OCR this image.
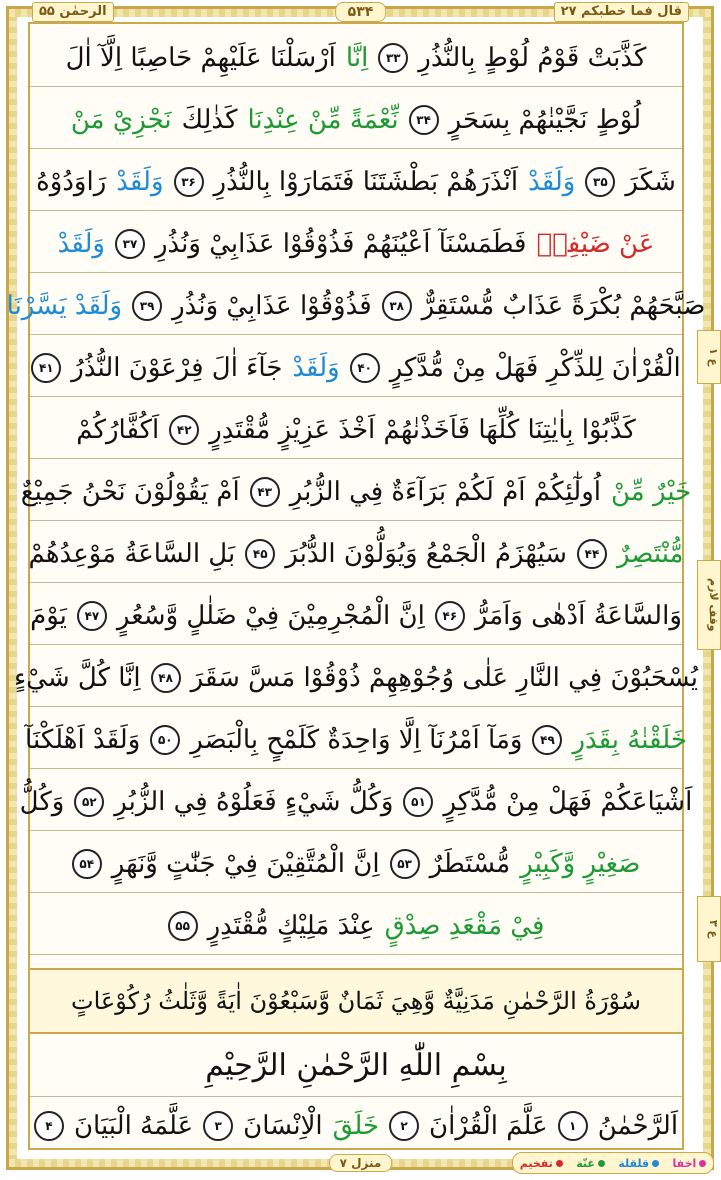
الرحمٰن ۵۵	۵۳۴	قال فما خطبكم ۲۷
كَذَّبَتْ قَوْمُ لُوْطٍ بِالنُّذُرِ
۳۳
اِنَّا
اَرْسَلْنَا عَلَيْهِمْ حَاصِبًا اِلَّآ اٰلَ
لُوْطٍ نَجَّيْنٰهُمْ بِسَحَرٍ
۳۴
نِّعْمَةً مِّنْ عِنْدِنَا
كَذٰلِكَ
نَجْزِيْ مَنْ
شَكَرَ
۳۵
وَلَقَدْ
اَنْذَرَهُمْ بَطْشَتَنَا فَتَمَارَوْا بِالنُّذُرِ
۳۶
وَلَقَدْ
رَاوَدُوْهُ
عَنْ ضَيْفِهٖ
فَطَمَسْنَآ اَعْيُنَهُمْ فَذُوْقُوْا عَذَابِيْ وَنُذُرِ
۳۷
وَلَقَدْ
صَبَّحَهُمْ بُكْرَةً عَذَابٌ مُّسْتَقِرٌّ
۳۸
فَذُوْقُوْا عَذَابِيْ وَنُذُرِ
۳۹
وَلَقَدْ يَسَّرْنَا
الْقُرْاٰنَ لِلذِّكْرِ فَهَلْ مِنْ مُّدَّكِرٍ
۴۰
وَلَقَدْ
جَآءَ اٰلَ فِرْعَوْنَ النُّذُرُ
۴۱
كَذَّبُوْا بِاٰيٰتِنَا كُلِّهَا فَاَخَذْنٰهُمْ اَخْذَ عَزِيْزٍ مُّقْتَدِرٍ
۴۲
اَكُفَّارُكُمْ
خَيْرٌ مِّنْ
اُولٰٓئِكُمْ اَمْ لَكُمْ بَرَآءَةٌ فِي الزُّبُرِ
۴۳
اَمْ يَقُوْلُوْنَ نَحْنُ جَمِيْعٌ
مُّنْتَصِرٌ
۴۴
سَيُهْزَمُ الْجَمْعُ وَيُوَلُّوْنَ الدُّبُرَ
۴۵
بَلِ السَّاعَةُ مَوْعِدُهُمْ
وَالسَّاعَةُ اَدْهٰى وَاَمَرُّ
۴۶
اِنَّ الْمُجْرِمِيْنَ فِيْ ضَلٰلٍ وَّسُعُرٍ
۴۷
يَوْمَ
يُسْحَبُوْنَ فِي النَّارِ عَلٰى وُجُوْهِهِمْ ذُوْقُوْا مَسَّ سَقَرَ
۴۸
اِنَّا كُلَّ شَيْءٍ
خَلَقْنٰهُ بِقَدَرٍ
۴۹
وَمَآ اَمْرُنَآ اِلَّا وَاحِدَةٌ كَلَمْحٍ بِالْبَصَرِ
۵۰
وَلَقَدْ اَهْلَكْنَآ
اَشْيَاعَكُمْ فَهَلْ مِنْ مُّدَّكِرٍ
۵۱
وَكُلُّ شَيْءٍ فَعَلُوْهُ فِي الزُّبُرِ
۵۲
وَكُلُّ
صَغِيْرٍ وَّكَبِيْرٍ
مُّسْتَطَرٌ
۵۳
اِنَّ الْمُتَّقِيْنَ فِيْ جَنّٰتٍ وَّنَهَرٍ
۵۴
فِيْ مَقْعَدِ صِدْقٍ
عِنْدَ مَلِيْكٍ مُّقْتَدِرٍ
۵۵
سُوْرَةُ الرَّحْمٰنِ مَدَنِيَّةٌ وَّهِيَ ثَمَانٌ وَّسَبْعُوْنَ اٰيَةً وَّثَلٰثُ رُكُوْعَاتٍ
بِسْمِ اللّٰهِ الرَّحْمٰنِ الرَّحِيْمِ
اَلرَّحْمٰنُ
۱
عَلَّمَ الْقُرْاٰنَ
۲
خَلَقَ
الْاِنْسَانَ
۳
عَلَّمَهُ الْبَيَانَ
۴
ع ۱
وقف لازم
ع ۳
منزل ۷	اخفا
قلقلة
غنّة
تفخيم
